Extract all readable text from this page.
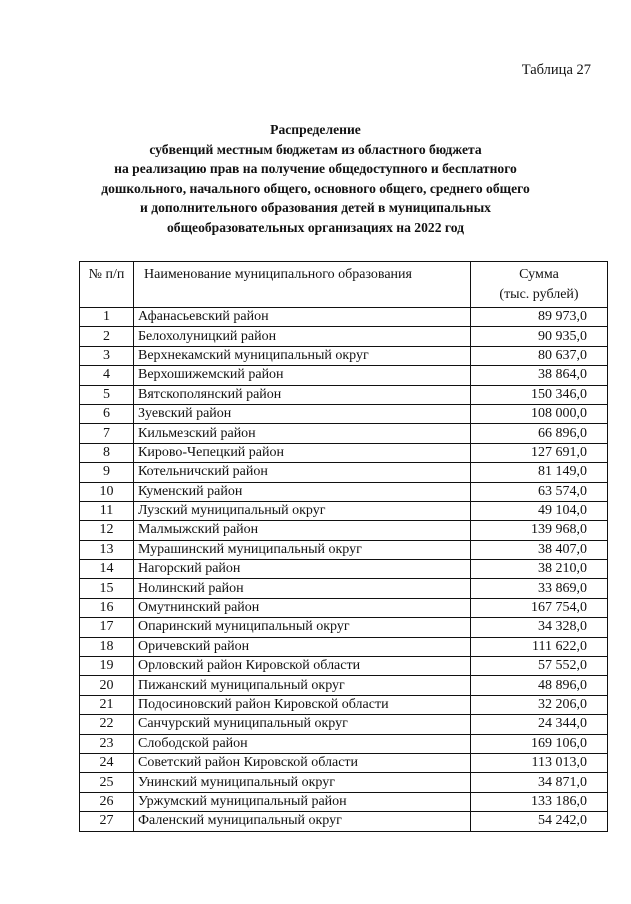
Таблица 27
Распределение
субвенций местным бюджетам из областного бюджета
на реализацию прав на получение общедоступного и бесплатного
дошкольного, начального общего, основного общего, среднего общего
и дополнительного образования детей в муниципальных
общеобразовательных организациях на 2022 год
№ п/п	Наименование муниципального образования	Сумма
(тыс. рублей)

1	Афанасьевский район	89 973,0
2	Белохолуницкий район	90 935,0
3	Верхнекамский муниципальный округ	80 637,0
4	Верхошижемский район	38 864,0
5	Вятскополянский район	150 346,0
6	Зуевский район	108 000,0
7	Кильмезский район	66 896,0
8	Кирово-Чепецкий район	127 691,0
9	Котельничский район	81 149,0
10	Куменский район	63 574,0
11	Лузский муниципальный округ	49 104,0
12	Малмыжский район	139 968,0
13	Мурашинский муниципальный округ	38 407,0
14	Нагорский район	38 210,0
15	Нолинский район	33 869,0
16	Омутнинский район	167 754,0
17	Опаринский муниципальный округ	34 328,0
18	Оричевский район	111 622,0
19	Орловский район Кировской области	57 552,0
20	Пижанский муниципальный округ	48 896,0
21	Подосиновский район Кировской области	32 206,0
22	Санчурский муниципальный округ	24 344,0
23	Слободской район	169 106,0
24	Советский район Кировской области	113 013,0
25	Унинский муниципальный округ	34 871,0
26	Уржумский муниципальный район	133 186,0
27	Фаленский муниципальный округ	54 242,0
